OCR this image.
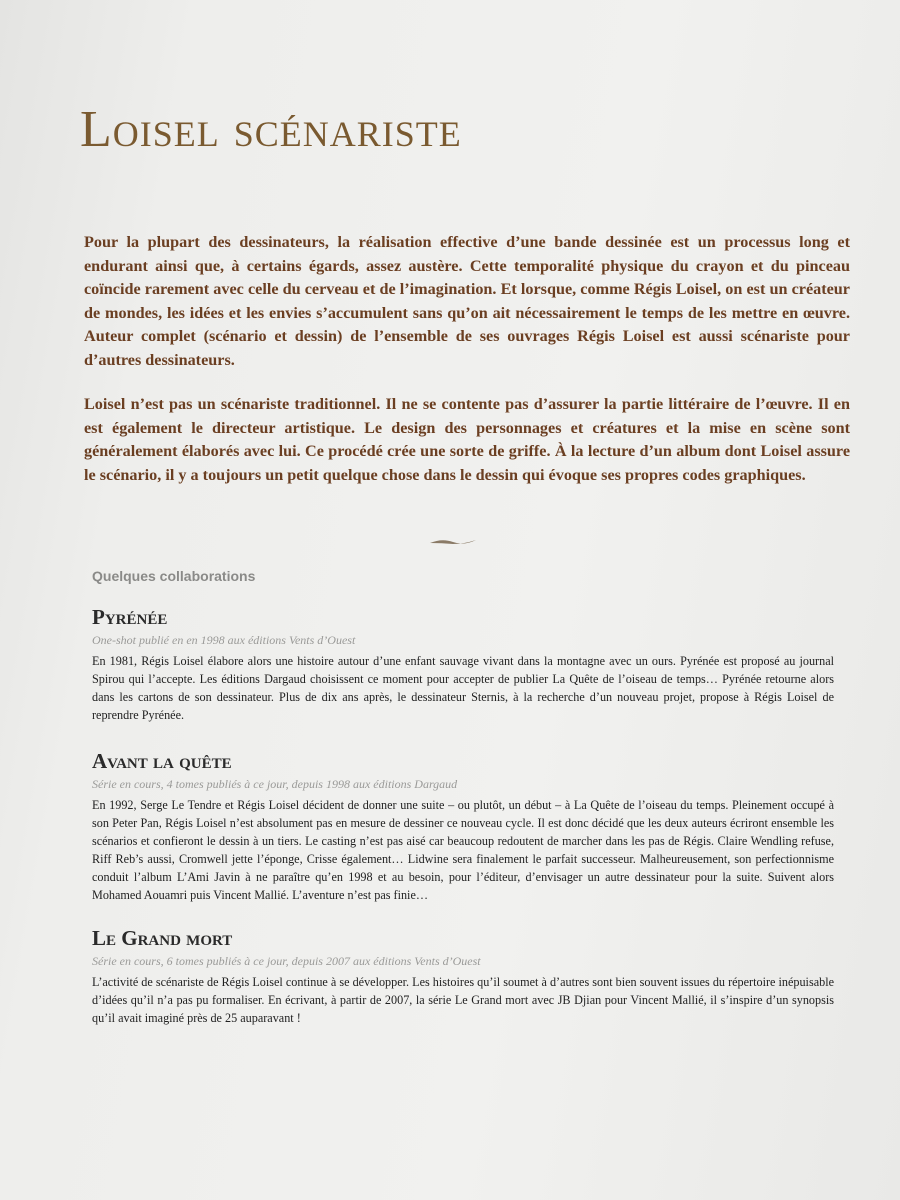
Loisel scénariste

Pour la plupart des dessinateurs, la réalisation effective d’une bande dessinée est un processus long et endurant ainsi que, à certains égards, assez austère. Cette temporalité physique du crayon et du pinceau coïncide rarement avec celle du cerveau et de l’imagination. Et lorsque, comme Régis Loisel, on est un créateur de mondes, les idées et les envies s’accumulent sans qu’on ait nécessairement le temps de les mettre en œuvre. Auteur complet (scénario et dessin) de l’ensemble de ses ouvrages Régis Loisel est aussi scénariste pour d’autres dessinateurs.

Loisel n’est pas un scénariste traditionnel. Il ne se contente pas d’assurer la partie littéraire de l’œuvre. Il en est également le directeur artistique. Le design des personnages et créatures et la mise en scène sont généralement élaborés avec lui. Ce procédé crée une sorte de griffe. À la lecture d’un album dont Loisel assure le scénario, il y a toujours un petit quelque chose dans le dessin qui évoque ses propres codes graphiques.

Quelques collaborations

Pyrénée

One-shot publié en en 1998 aux éditions Vents d’Ouest

En 1981, Régis Loisel élabore alors une histoire autour d’une enfant sauvage vivant dans la montagne avec un ours. Pyrénée est proposé au journal Spirou qui l’accepte. Les éditions Dargaud choisissent ce moment pour accepter de publier La Quête de l’oiseau de temps… Pyrénée retourne alors dans les cartons de son dessinateur. Plus de dix ans après, le dessinateur Sternis, à la recherche d’un nouveau projet, propose à Régis Loisel de reprendre Pyrénée.

Avant la quête

Série en cours, 4 tomes publiés à ce jour, depuis 1998 aux éditions Dargaud

En 1992, Serge Le Tendre et Régis Loisel décident de donner une suite – ou plutôt, un début – à La Quête de l’oiseau du temps. Pleinement occupé à son Peter Pan, Régis Loisel n’est absolument pas en mesure de dessiner ce nouveau cycle. Il est donc décidé que les deux auteurs écriront ensemble les scénarios et confieront le dessin à un tiers. Le casting n’est pas aisé car beaucoup redoutent de marcher dans les pas de Régis. Claire Wendling refuse, Riff Reb’s aussi, Cromwell jette l’éponge, Crisse également… Lidwine sera finalement le parfait successeur. Malheureusement, son perfectionnisme conduit l’album L’Ami Javin à ne paraître qu’en 1998 et au besoin, pour l’éditeur, d’envisager un autre dessinateur pour la suite. Suivent alors Mohamed Aouamri puis Vincent Mallié. L’aventure n’est pas finie…

Le Grand mort

Série en cours, 6 tomes publiés à ce jour, depuis 2007 aux éditions Vents d’Ouest

L’activité de scénariste de Régis Loisel continue à se développer. Les histoires qu’il soumet à d’autres sont bien souvent issues du répertoire inépuisable d’idées qu’il n’a pas pu formaliser. En écrivant, à partir de 2007, la série Le Grand mort avec JB Djian pour Vincent Mallié, il s’inspire d’un synopsis qu’il avait imaginé près de 25 auparavant !
